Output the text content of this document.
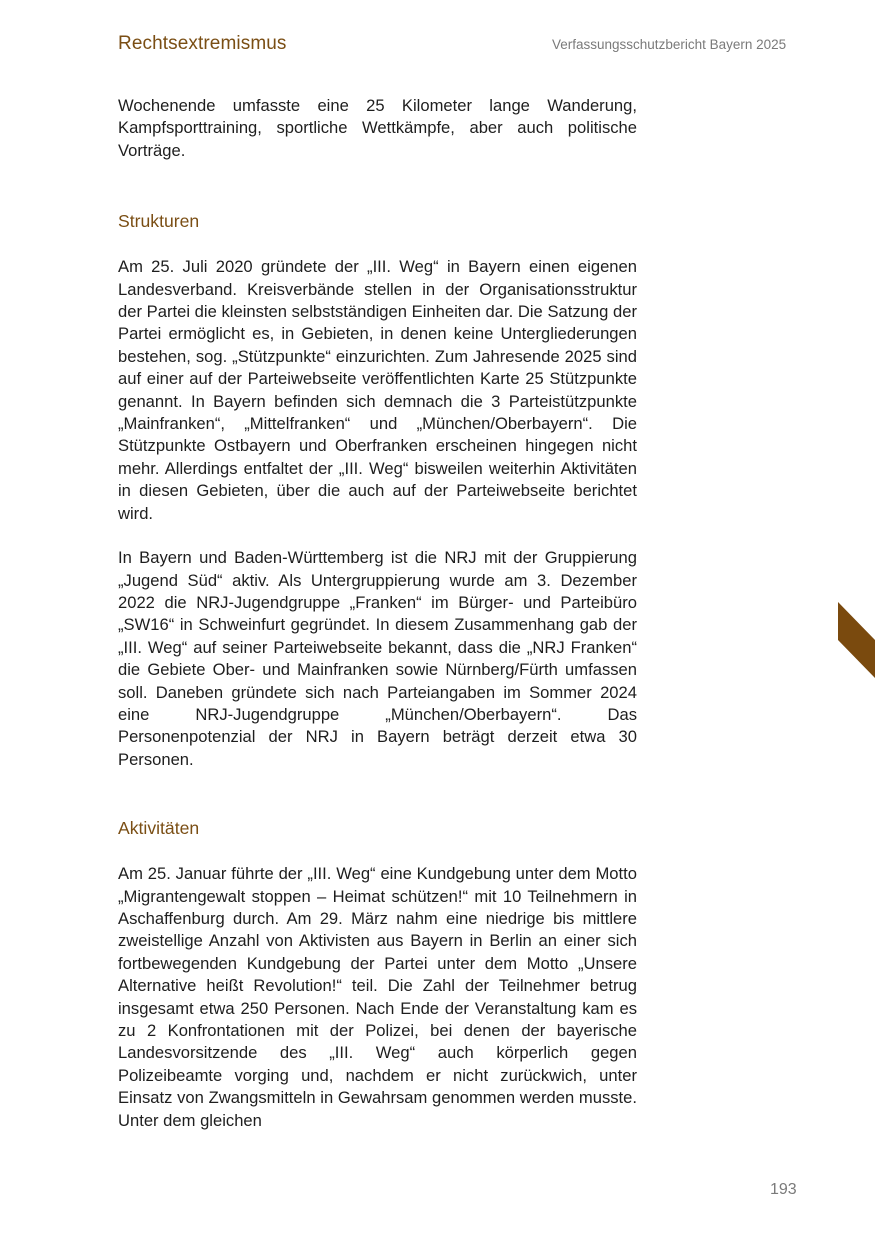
Rechtsextremismus	Verfassungsschutzbericht Bayern 2025

Wochenende umfasste eine 25 Kilometer lange Wanderung, Kampfsporttraining, sportliche Wettkämpfe, aber auch politische Vorträge.

Strukturen

Am 25. Juli 2020 gründete der „III. Weg“ in Bayern einen eigenen Landesverband. Kreisverbände stellen in der Organisationsstruktur der Partei die kleinsten selbstständigen Einheiten dar. Die Satzung der Partei ermöglicht es, in Gebieten, in denen keine Untergliederungen bestehen, sog. „Stützpunkte“ einzurichten. Zum Jahresende 2025 sind auf einer auf der Parteiwebseite veröffentlichten Karte 25 Stützpunkte genannt. In Bayern befinden sich demnach die 3 Parteistützpunkte „Mainfranken“, „Mittelfranken“ und „München/Oberbayern“. Die Stützpunkte Ostbayern und Oberfranken erscheinen hingegen nicht mehr. Allerdings entfaltet der „III. Weg“ bisweilen weiterhin Aktivitäten in diesen Gebieten, über die auch auf der Parteiwebseite berichtet wird.

In Bayern und Baden-Württemberg ist die NRJ mit der Gruppierung „Jugend Süd“ aktiv. Als Untergruppierung wurde am 3. Dezember 2022 die NRJ-Jugendgruppe „Franken“ im Bürger- und Parteibüro „SW16“ in Schweinfurt gegründet. In diesem Zusammenhang gab der „III. Weg“ auf seiner Parteiwebseite bekannt, dass die „NRJ Franken“ die Gebiete Ober- und Mainfranken sowie Nürnberg/Fürth umfassen soll. Daneben gründete sich nach Parteiangaben im Sommer 2024 eine NRJ-Jugendgruppe „München/Oberbayern“. Das Personenpotenzial der NRJ in Bayern beträgt derzeit etwa 30 Personen.

Aktivitäten

Am 25. Januar führte der „III. Weg“ eine Kundgebung unter dem Motto „Migrantengewalt stoppen – Heimat schützen!“ mit 10 Teilnehmern in Aschaffenburg durch. Am 29. März nahm eine niedrige bis mittlere zweistellige Anzahl von Aktivisten aus Bayern in Berlin an einer sich fortbewegenden Kundgebung der Partei unter dem Motto „Unsere Alternative heißt Revolution!“ teil. Die Zahl der Teilnehmer betrug insgesamt etwa 250 Personen. Nach Ende der Veranstaltung kam es zu 2 Konfrontationen mit der Polizei, bei denen der bayerische Landesvorsitzende des „III. Weg“ auch körperlich gegen Polizeibeamte vorging und, nachdem er nicht zurückwich, unter Einsatz von Zwangsmitteln in Gewahrsam genommen werden musste. Unter dem gleichen

193
